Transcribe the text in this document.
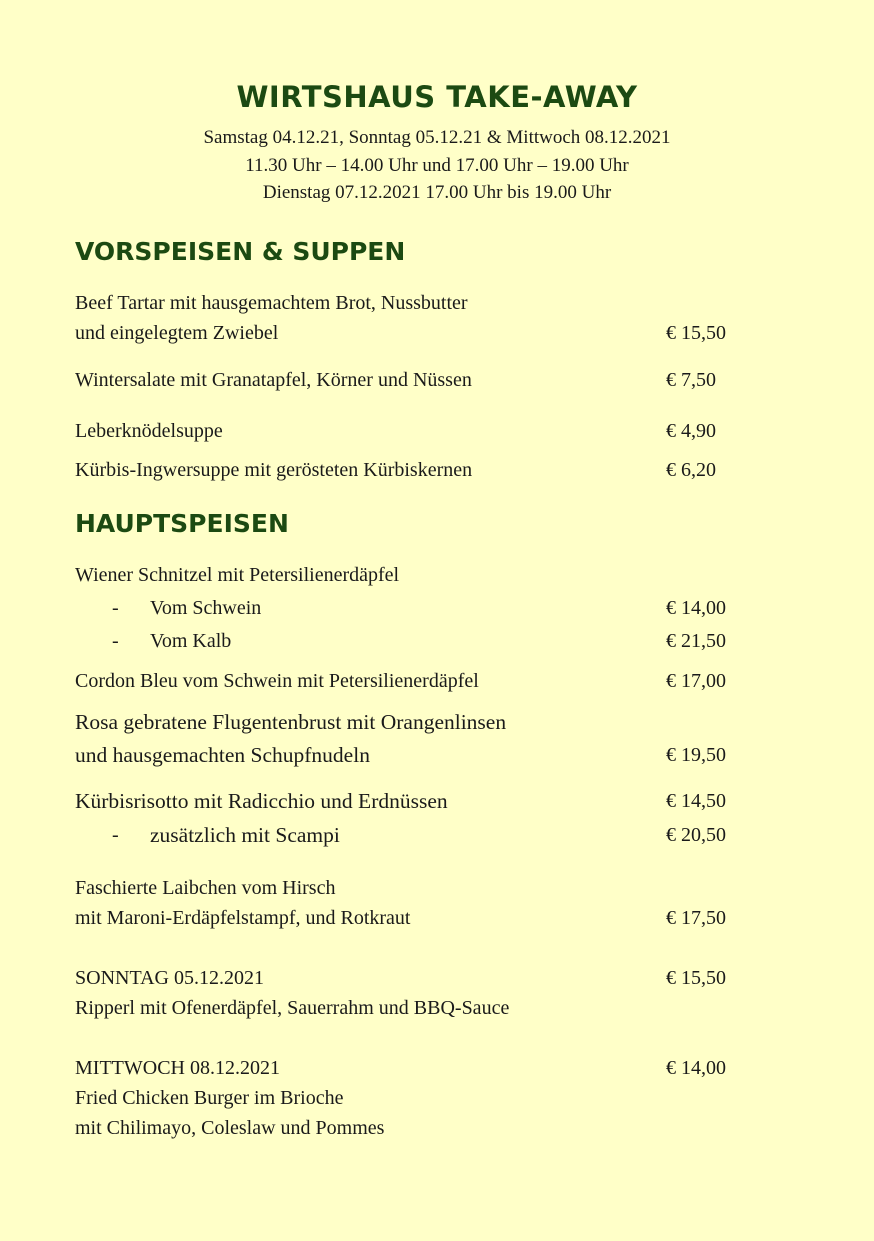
WIRTSHAUS TAKE-AWAY
Samstag 04.12.21, Sonntag 05.12.21 & Mittwoch 08.12.2021
11.30 Uhr – 14.00 Uhr und 17.00 Uhr – 19.00 Uhr
Dienstag 07.12.2021 17.00 Uhr bis 19.00 Uhr
VORSPEISEN & SUPPEN
Beef Tartar mit hausgemachtem Brot, Nussbutter
und eingelegtem Zwiebel	€ 15,50
Wintersalate mit Granatapfel, Körner und Nüssen	€ 7,50
Leberknödelsuppe	€ 4,90
Kürbis-Ingwersuppe mit gerösteten Kürbiskernen	€ 6,20
HAUPTSPEISEN
Wiener Schnitzel mit Petersilienerdäpfel
- Vom Schwein	€ 14,00
- Vom Kalb	€ 21,50
Cordon Bleu vom Schwein mit Petersilienerdäpfel	€ 17,00
Rosa gebratene Flugentenbrust mit Orangenlinsen
und hausgemachten Schupfnudeln	€ 19,50
Kürbisrisotto mit Radicchio und Erdnüssen	€ 14,50
- zusätzlich mit Scampi	€ 20,50
Faschierte Laibchen vom Hirsch
mit Maroni-Erdäpfelstampf, und Rotkraut	€ 17,50
SONNTAG 05.12.2021	€ 15,50
Ripperl mit Ofenerdäpfel, Sauerrahm und BBQ-Sauce
MITTWOCH 08.12.2021	€ 14,00
Fried Chicken Burger im Brioche
mit Chilimayo, Coleslaw und Pommes
